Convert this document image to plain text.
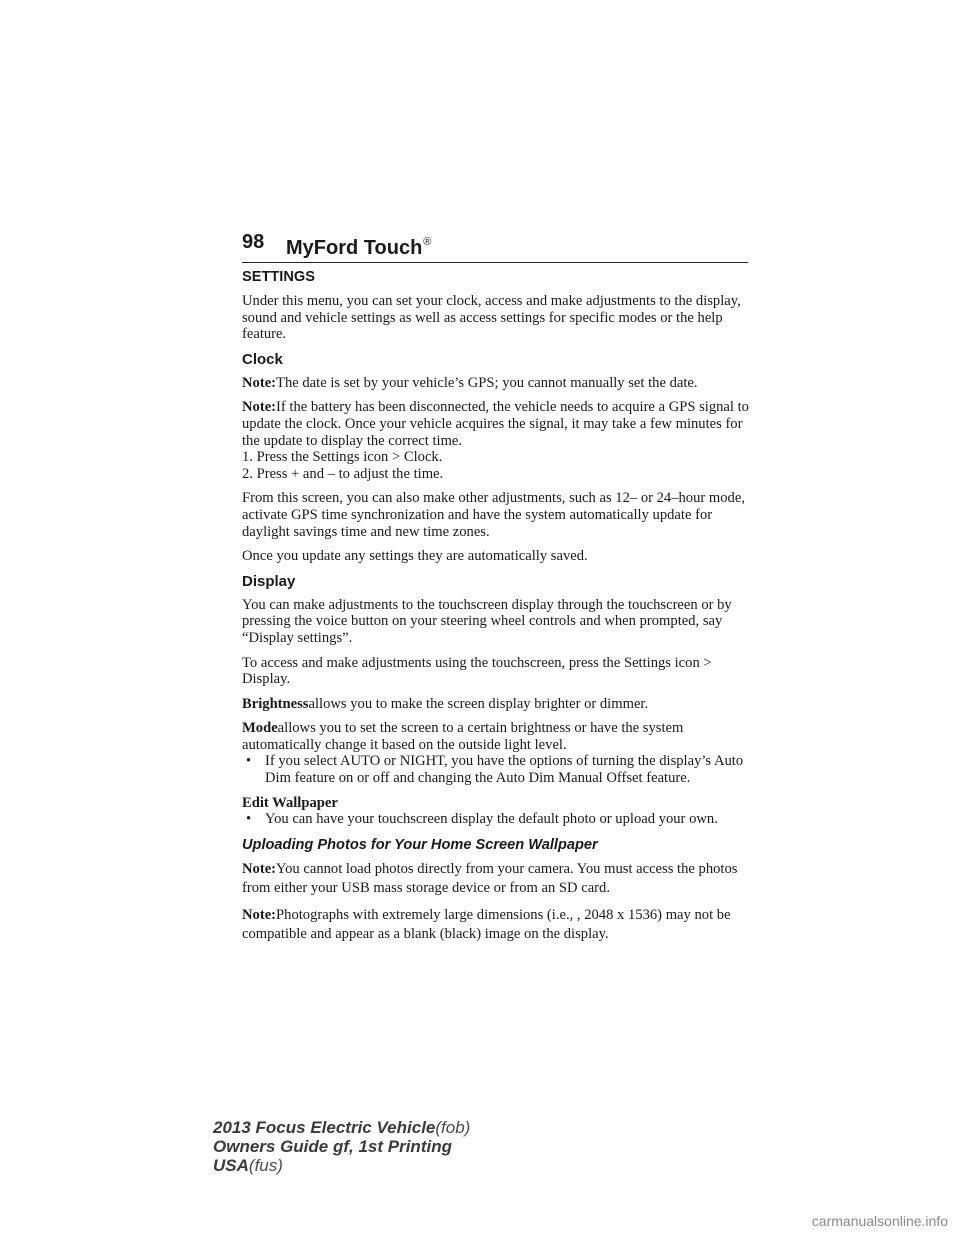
98 MyFord Touch®
SETTINGS

Under this menu, you can set your clock, access and make adjustments to the display, sound and vehicle settings as well as access settings for specific modes or the help feature.

Clock

Note:The date is set by your vehicle’s GPS; you cannot manually set the date.

Note:If the battery has been disconnected, the vehicle needs to acquire a GPS signal to update the clock. Once your vehicle acquires the signal, it may take a few minutes for the update to display the correct time.

1. Press the Settings icon > Clock.
2. Press + and – to adjust the time.

From this screen, you can also make other adjustments, such as 12– or 24–hour mode, activate GPS time synchronization and have the system automatically update for daylight savings time and new time zones.

Once you update any settings they are automatically saved.

Display

You can make adjustments to the touchscreen display through the touchscreen or by pressing the voice button on your steering wheel controls and when prompted, say “Display settings”.

To access and make adjustments using the touchscreen, press the Settings icon > Display.

Brightnessallows you to make the screen display brighter or dimmer.

Modeallows you to set the screen to a certain brightness or have the system automatically change it based on the outside light level.

• If you select AUTO or NIGHT, you have the options of turning the display’s Auto Dim feature on or off and changing the Auto Dim Manual Offset feature.
Edit Wallpaper
• You can have your touchscreen display the default photo or upload your own.
Uploading Photos for Your Home Screen Wallpaper

Note:You cannot load photos directly from your camera. You must access the photos from either your USB mass storage device or from an SD card.

Note:Photographs with extremely large dimensions (i.e., , 2048 x 1536) may not be compatible and appear as a blank (black) image on the display.

2013 Focus Electric Vehicle(fob)
Owners Guide gf, 1st Printing
USA(fus)
carmanualsonline.info
